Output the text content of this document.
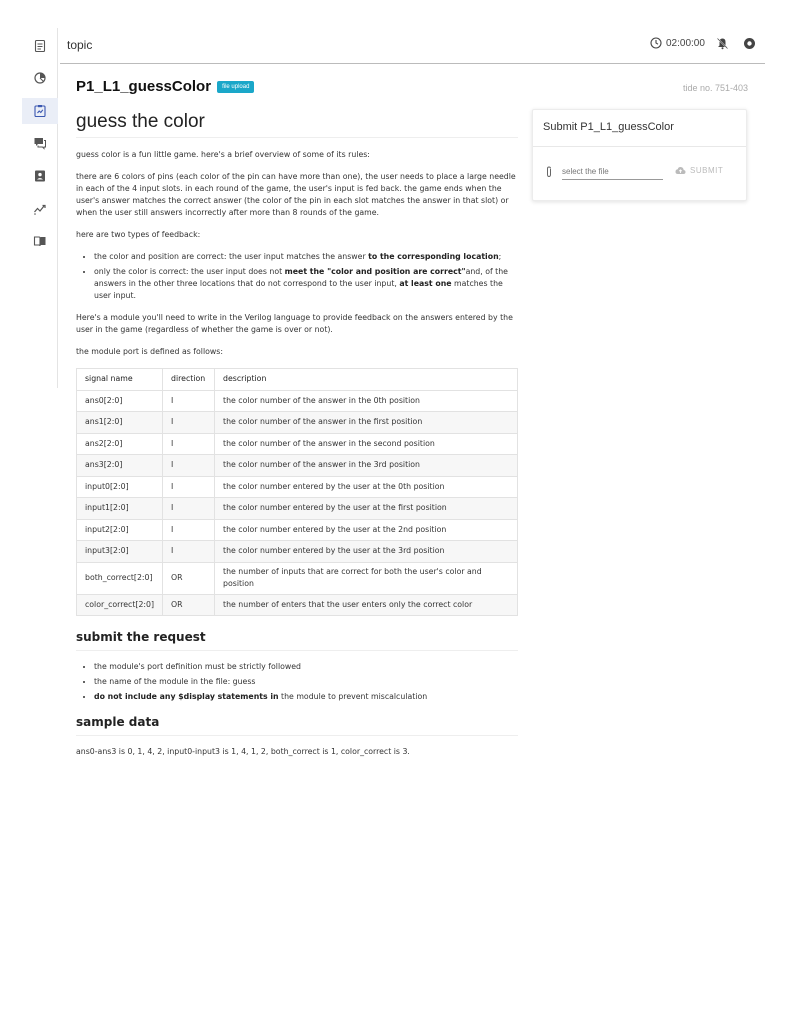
topic	02:00:00
P1_L1_guessColor	file upload	tide no. 751-403
guess the color

guess color is a fun little game. here's a brief overview of some of its rules:

there are 6 colors of pins (each color of the pin can have more than one), the user needs to place a large needle in each of the 4 input slots. in each round of the game, the user's input is fed back. the game ends when the user's answer matches the correct answer (the color of the pin in each slot matches the answer in that slot) or when the user still answers incorrectly after more than 8 rounds of the game.

here are two types of feedback:

• the color and position are correct: the user input matches the answer to the corresponding location;
• only the color is correct: the user input does not meet the "color and position are correct"and, of the answers in the other three locations that do not correspond to the user input, at least one matches the user input.

Here's a module you'll need to write in the Verilog language to provide feedback on the answers entered by the user in the game (regardless of whether the game is over or not).

the module port is defined as follows:

signal name	direction	description
ans0[2:0]	I	the color number of the answer in the 0th position
ans1[2:0]	I	the color number of the answer in the first position
ans2[2:0]	I	the color number of the answer in the second position
ans3[2:0]	I	the color number of the answer in the 3rd position
input0[2:0]	I	the color number entered by the user at the 0th position
input1[2:0]	I	the color number entered by the user at the first position
input2[2:0]	I	the color number entered by the user at the 2nd position
input3[2:0]	I	the color number entered by the user at the 3rd position
both_correct[2:0]	OR	the number of inputs that are correct for both the user's color and position
color_correct[2:0]	OR	the number of enters that the user enters only the correct color
submit the request
• the module's port definition must be strictly followed
• the name of the module in the file: guess
• do not include any $display statements in the module to prevent miscalculation
sample data

ans0-ans3 is 0, 1, 4, 2, input0-input3 is 1, 4, 1, 2, both_correct is 1, color_correct is 3.

Submit P1_L1_guessColor
select the file
SUBMIT
